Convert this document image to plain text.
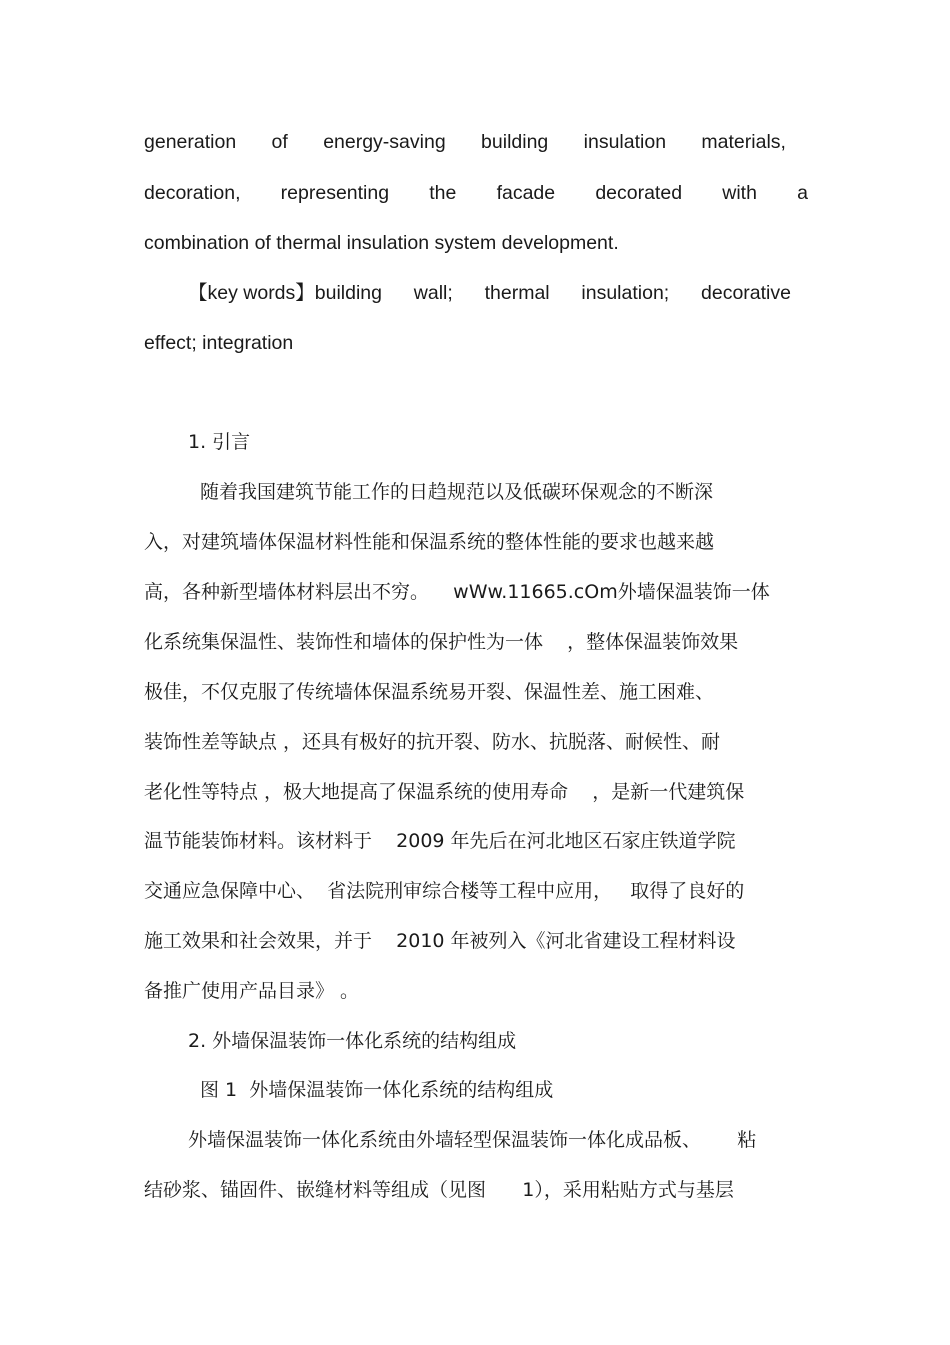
generation of energy-saving building insulation materials,
decoration, representing the facade decorated with a
combination of thermal insulation system development.
【key words】building wall; thermal insulation; decorative
effect; integration
1. 引言
随着我国建筑节能工作的日趋规范以及低碳环保观念的不断深
入，对建筑墙体保温材料性能和保温系统的整体性能的要求也越来越
高，各种新型墙体材料层出不穷。    wWw.11665.cOm外墙保温装饰一体
化系统集保温性、装饰性和墙体的保护性为一体    ，整体保温装饰效果
极佳，不仅克服了传统墙体保温系统易开裂、保温性差、施工困难、
装饰性差等缺点 ，还具有极好的抗开裂、防水、抗脱落、耐候性、耐
老化性等特点 ，极大地提高了保温系统的使用寿命    ，是新一代建筑保
温节能装饰材料。该材料于    2009 年先后在河北地区石家庄铁道学院
交通应急保障中心、  省法院刑审综合楼等工程中应用，   取得了良好的
施工效果和社会效果，并于    2010 年被列入《河北省建设工程材料设
备推广使用产品目录》 。
2. 外墙保温装饰一体化系统的结构组成
图 1  外墙保温装饰一体化系统的结构组成
外墙保温装饰一体化系统由外墙轻型保温装饰一体化成品板、      粘
结砂浆、锚固件、嵌缝材料等组成（见图      1），采用粘贴方式与基层
